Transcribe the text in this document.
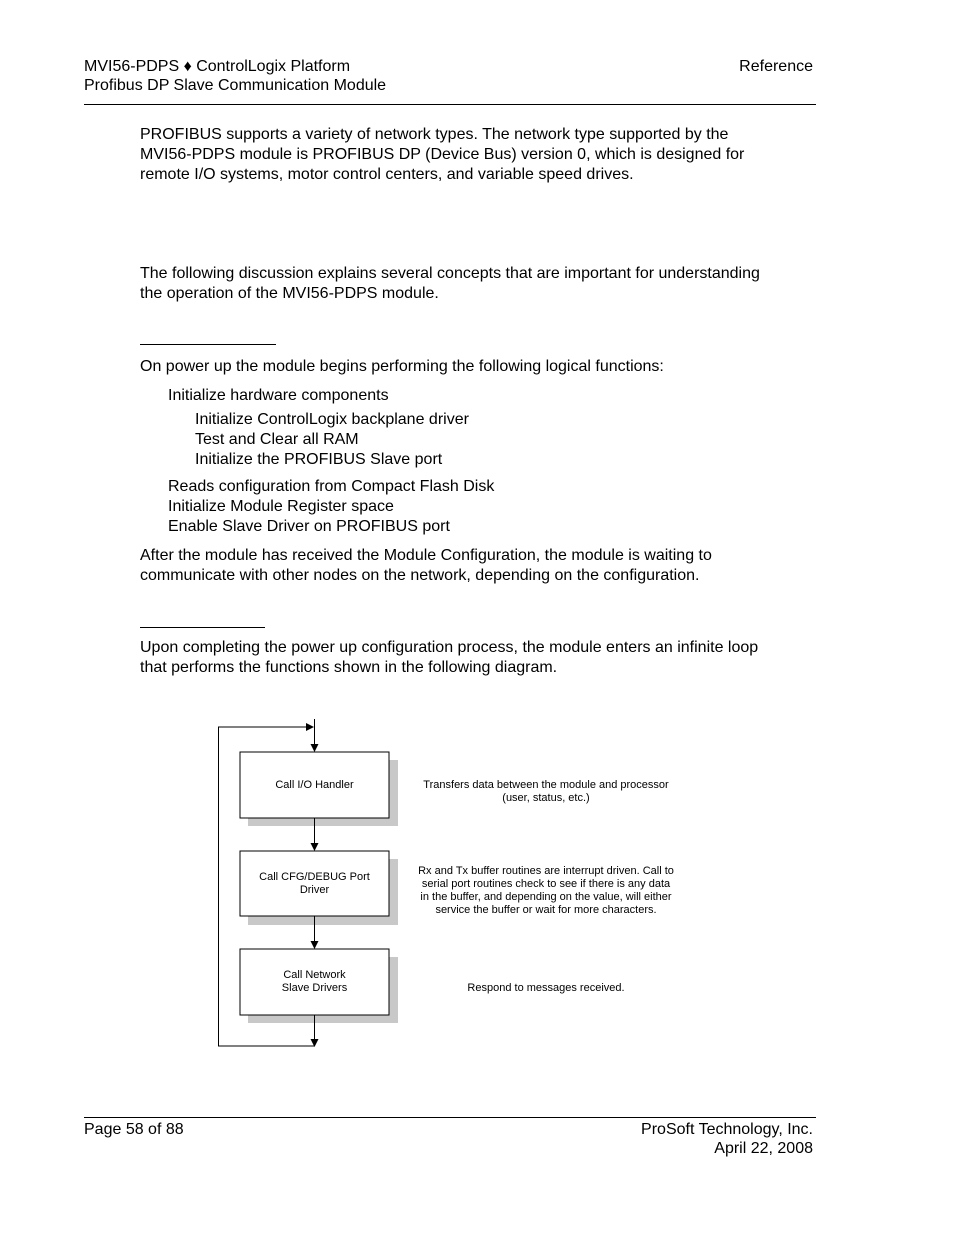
MVI56-PDPS ♦ ControlLogix Platform
Profibus DP Slave Communication Module
Reference
PROFIBUS supports a variety of network types. The network type supported by the MVI56-PDPS module is PROFIBUS DP (Device Bus) version 0, which is designed for remote I/O systems, motor control centers, and variable speed drives.
The following discussion explains several concepts that are important for understanding the operation of the MVI56-PDPS module.
On power up the module begins performing the following logical functions:
Initialize hardware components
Initialize ControlLogix backplane driver
Test and Clear all RAM
Initialize the PROFIBUS Slave port
Reads configuration from Compact Flash Disk
Initialize Module Register space
Enable Slave Driver on PROFIBUS port
After the module has received the Module Configuration, the module is waiting to communicate with other nodes on the network, depending on the configuration.
Upon completing the power up configuration process, the module enters an infinite loop that performs the functions shown in the following diagram.
Call I/O Handler
Call CFG/DEBUG Port
Driver
Call Network
Slave Drivers
Transfers data between the module and processor
(user, status, etc.)
Rx and Tx buffer routines are interrupt driven. Call to
serial port routines check to see if there is any data
in the buffer, and depending on the value, will either
service the buffer or wait for more characters.
Respond to messages received.
Page 58 of 88	ProSoft Technology, Inc.
April 22, 2008
